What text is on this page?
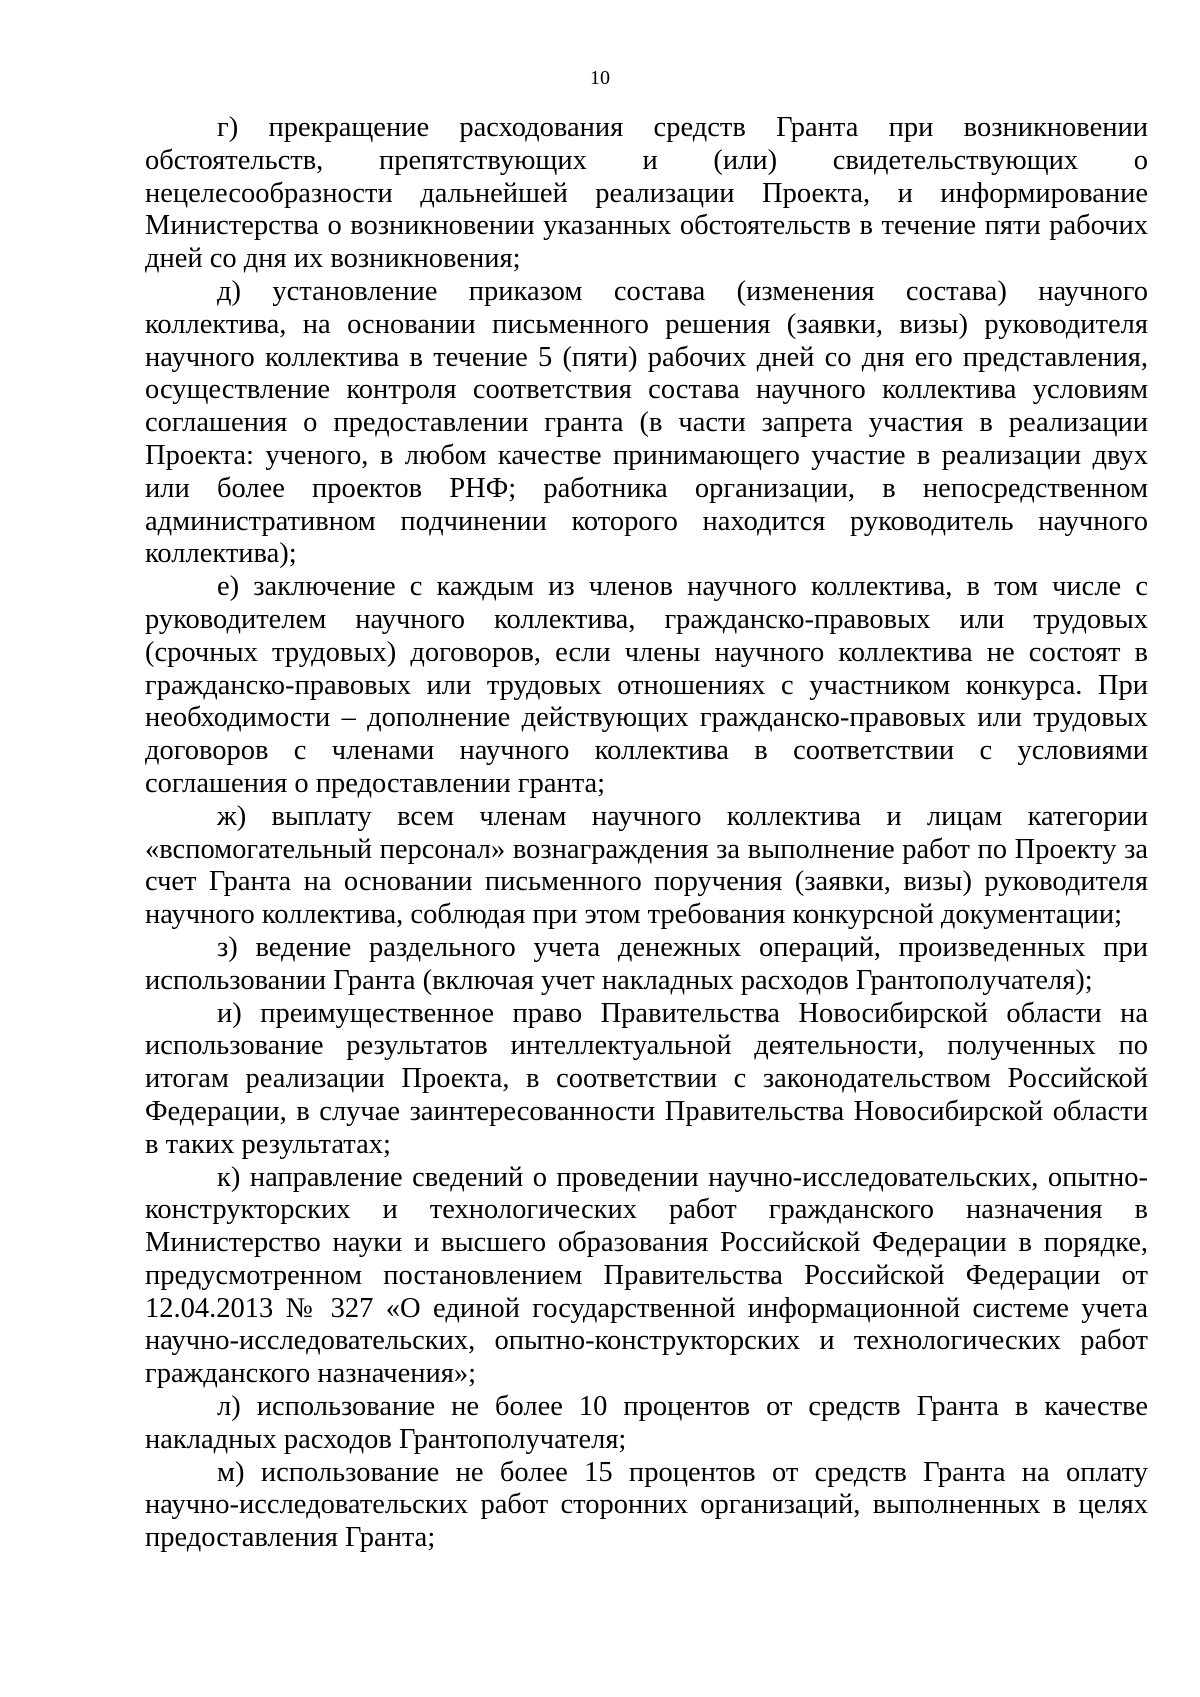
10

г) прекращение расходования средств Гранта при возникновении обстоятельств, препятствующих и (или) свидетельствующих о нецелесообразности дальнейшей реализации Проекта, и информирование Министерства о возникновении указанных обстоятельств в течение пяти рабочих дней со дня их возникновения;

д) установление приказом состава (изменения состава) научного коллектива, на основании письменного решения (заявки, визы) руководителя научного коллектива в течение 5 (пяти) рабочих дней со дня его представления, осуществление контроля соответствия состава научного коллектива условиям соглашения о предоставлении гранта (в части запрета участия в реализации Проекта: ученого, в любом качестве принимающего участие в реализации двух или более проектов РНФ; работника организации, в непосредственном административном подчинении которого находится руководитель научного коллектива);

е) заключение с каждым из членов научного коллектива, в том числе с руководителем научного коллектива, гражданско-правовых или трудовых (срочных трудовых) договоров, если члены научного коллектива не состоят в гражданско-правовых или трудовых отношениях с участником конкурса. При необходимости – дополнение действующих гражданско-правовых или трудовых договоров с членами научного коллектива в соответствии с условиями соглашения о предоставлении гранта;

ж) выплату всем членам научного коллектива и лицам категории «вспомогательный персонал» вознаграждения за выполнение работ по Проекту за счет Гранта на основании письменного поручения (заявки, визы) руководителя научного коллектива, соблюдая при этом требования конкурсной документации;

з) ведение раздельного учета денежных операций, произведенных при использовании Гранта (включая учет накладных расходов Грантополучателя);

и) преимущественное право Правительства Новосибирской области на использование результатов интеллектуальной деятельности, полученных по итогам реализации Проекта, в соответствии с законодательством Российской Федерации, в случае заинтересованности Правительства Новосибирской области в таких результатах;

к) направление сведений о проведении научно-исследовательских, опытно-конструкторских и технологических работ гражданского назначения в Министерство науки и высшего образования Российской Федерации в порядке, предусмотренном постановлением Правительства Российской Федерации от 12.04.2013 № 327 «О единой государственной информационной системе учета научно-исследовательских, опытно-конструкторских и технологических работ гражданского назначения»;

л) использование не более 10 процентов от средств Гранта в качестве накладных расходов Грантополучателя;

м) использование не более 15 процентов от средств Гранта на оплату научно-исследовательских работ сторонних организаций, выполненных в целях предоставления Гранта;
